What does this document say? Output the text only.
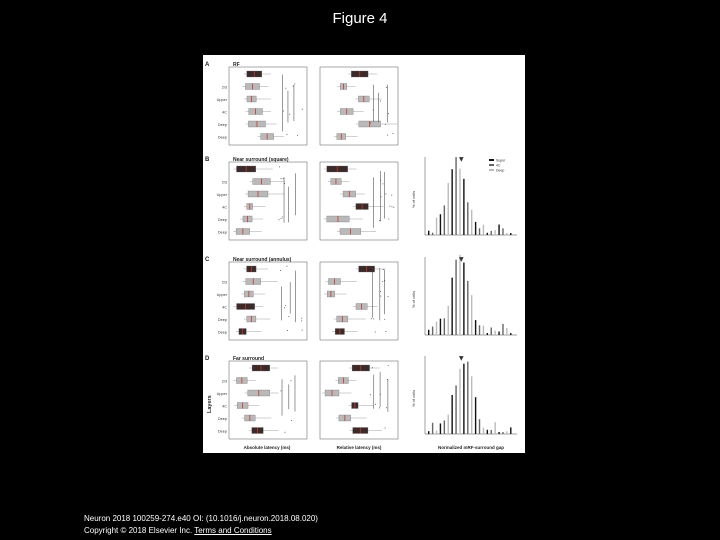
Figure 4
A	RF
2/3
Upper
4C
Deep
Deep
B	Near surround (square)
2/3
Upper
4C
Deep
Deep
% of cells
▼	Super
4C
Deep
C	Near surround (annulus)
2/3
Upper
4C
Deep
Deep
% of cells
▼
D	Far surround
2/3
Upper
4C
Deep
Deep
% of cells
▼
Layers
Absolute latency (ms)	Relative latency (ms)	Normalized mRF-surround gap
Neuron 2018 100259-274.e40 OI: (10.1016/j.neuron.2018.08.020)
Copyright © 2018 Elsevier Inc. Terms and Conditions
